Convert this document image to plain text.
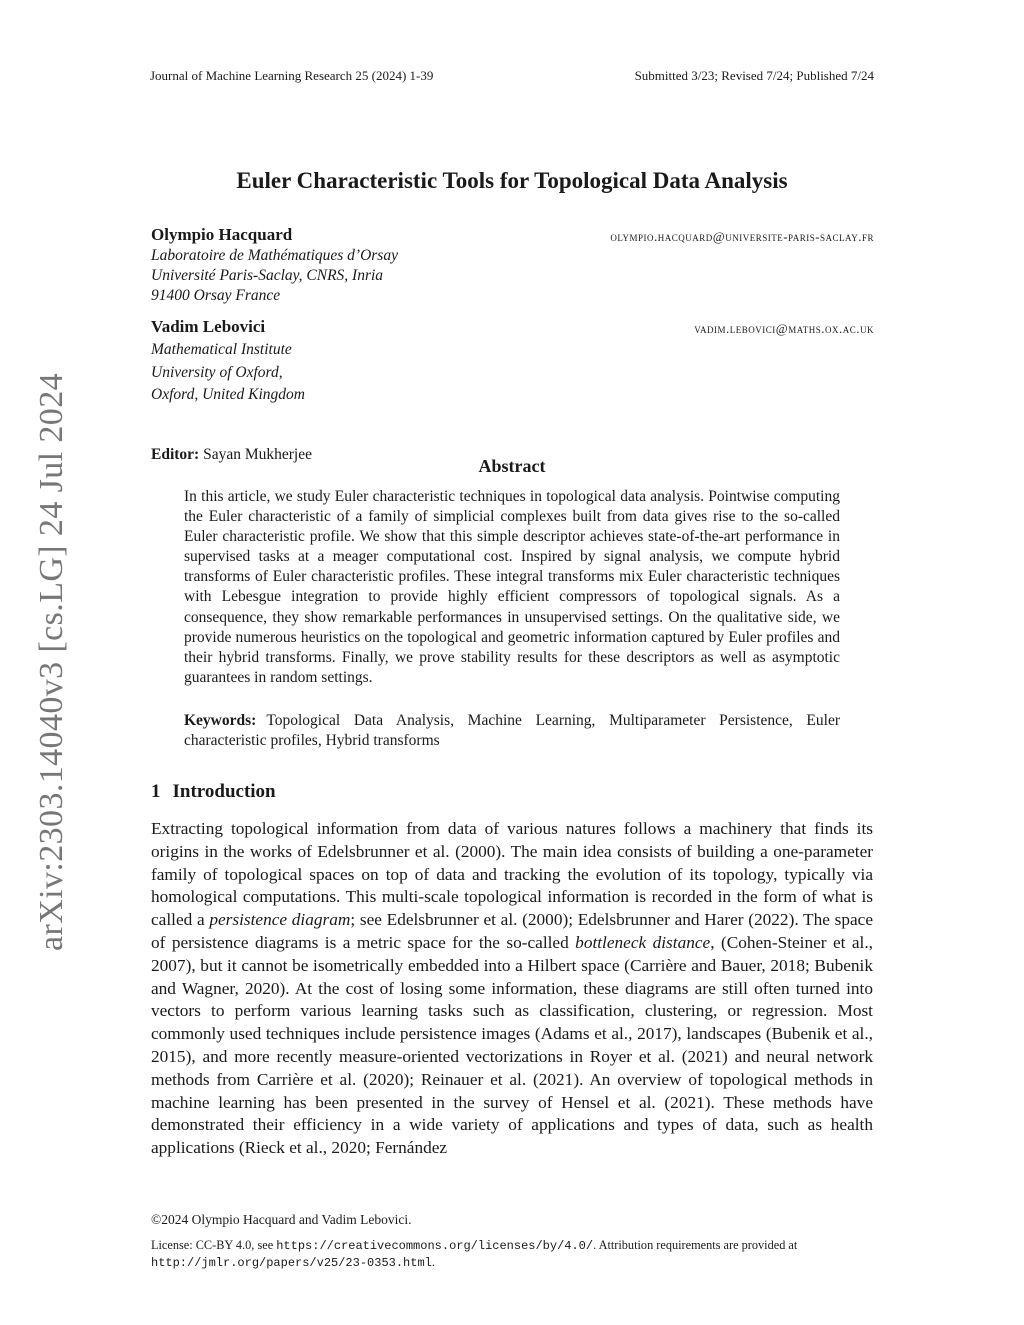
arXiv:2303.14040v3 [cs.LG] 24 Jul 2024
Journal of Machine Learning Research 25 (2024) 1-39	Submitted 3/23; Revised 7/24; Published 7/24
Euler Characteristic Tools for Topological Data Analysis
Olympio Hacquard
Laboratoire de Mathématiques d’Orsay
Université Paris-Saclay, CNRS, Inria
91400 Orsay France
olympio.hacquard@universite-paris-saclay.fr
Vadim Lebovici
Mathematical Institute
University of Oxford,
Oxford, United Kingdom
vadim.lebovici@maths.ox.ac.uk
Editor: Sayan Mukherjee
Abstract

In this article, we study Euler characteristic techniques in topological data analysis. Pointwise computing the Euler characteristic of a family of simplicial complexes built from data gives rise to the so-called Euler characteristic profile. We show that this simple descriptor achieves state-of-the-art performance in supervised tasks at a meager computational cost. Inspired by signal analysis, we compute hybrid transforms of Euler characteristic profiles. These integral transforms mix Euler characteristic techniques with Lebesgue integration to provide highly efficient compressors of topological signals. As a consequence, they show remarkable performances in unsupervised settings. On the qualitative side, we provide numerous heuristics on the topological and geometric information captured by Euler profiles and their hybrid transforms. Finally, we prove stability results for these descriptors as well as asymptotic guarantees in random settings.

Keywords: Topological Data Analysis, Machine Learning, Multiparameter Persistence, Euler characteristic profiles, Hybrid transforms

1 Introduction

Extracting topological information from data of various natures follows a machinery that finds its origins in the works of Edelsbrunner et al. (2000). The main idea consists of building a one-parameter family of topological spaces on top of data and tracking the evolution of its topology, typically via homological computations. This multi-scale topological information is recorded in the form of what is called a persistence diagram; see Edelsbrunner et al. (2000); Edelsbrunner and Harer (2022). The space of persistence diagrams is a metric space for the so-called bottleneck distance, (Cohen-Steiner et al., 2007), but it cannot be isometrically embedded into a Hilbert space (Carrière and Bauer, 2018; Bubenik and Wagner, 2020). At the cost of losing some information, these diagrams are still often turned into vectors to perform various learning tasks such as classification, clustering, or regression. Most commonly used techniques include persistence images (Adams et al., 2017), landscapes (Bubenik et al., 2015), and more recently measure-oriented vectorizations in Royer et al. (2021) and neural network methods from Carrière et al. (2020); Reinauer et al. (2021). An overview of topological methods in machine learning has been presented in the survey of Hensel et al. (2021). These methods have demonstrated their efficiency in a wide variety of applications and types of data, such as health applications (Rieck et al., 2020; Fernández

©2024 Olympio Hacquard and Vadim Lebovici.

License: CC-BY 4.0, see https://creativecommons.org/licenses/by/4.0/. Attribution requirements are provided at http://jmlr.org/papers/v25/23-0353.html.
